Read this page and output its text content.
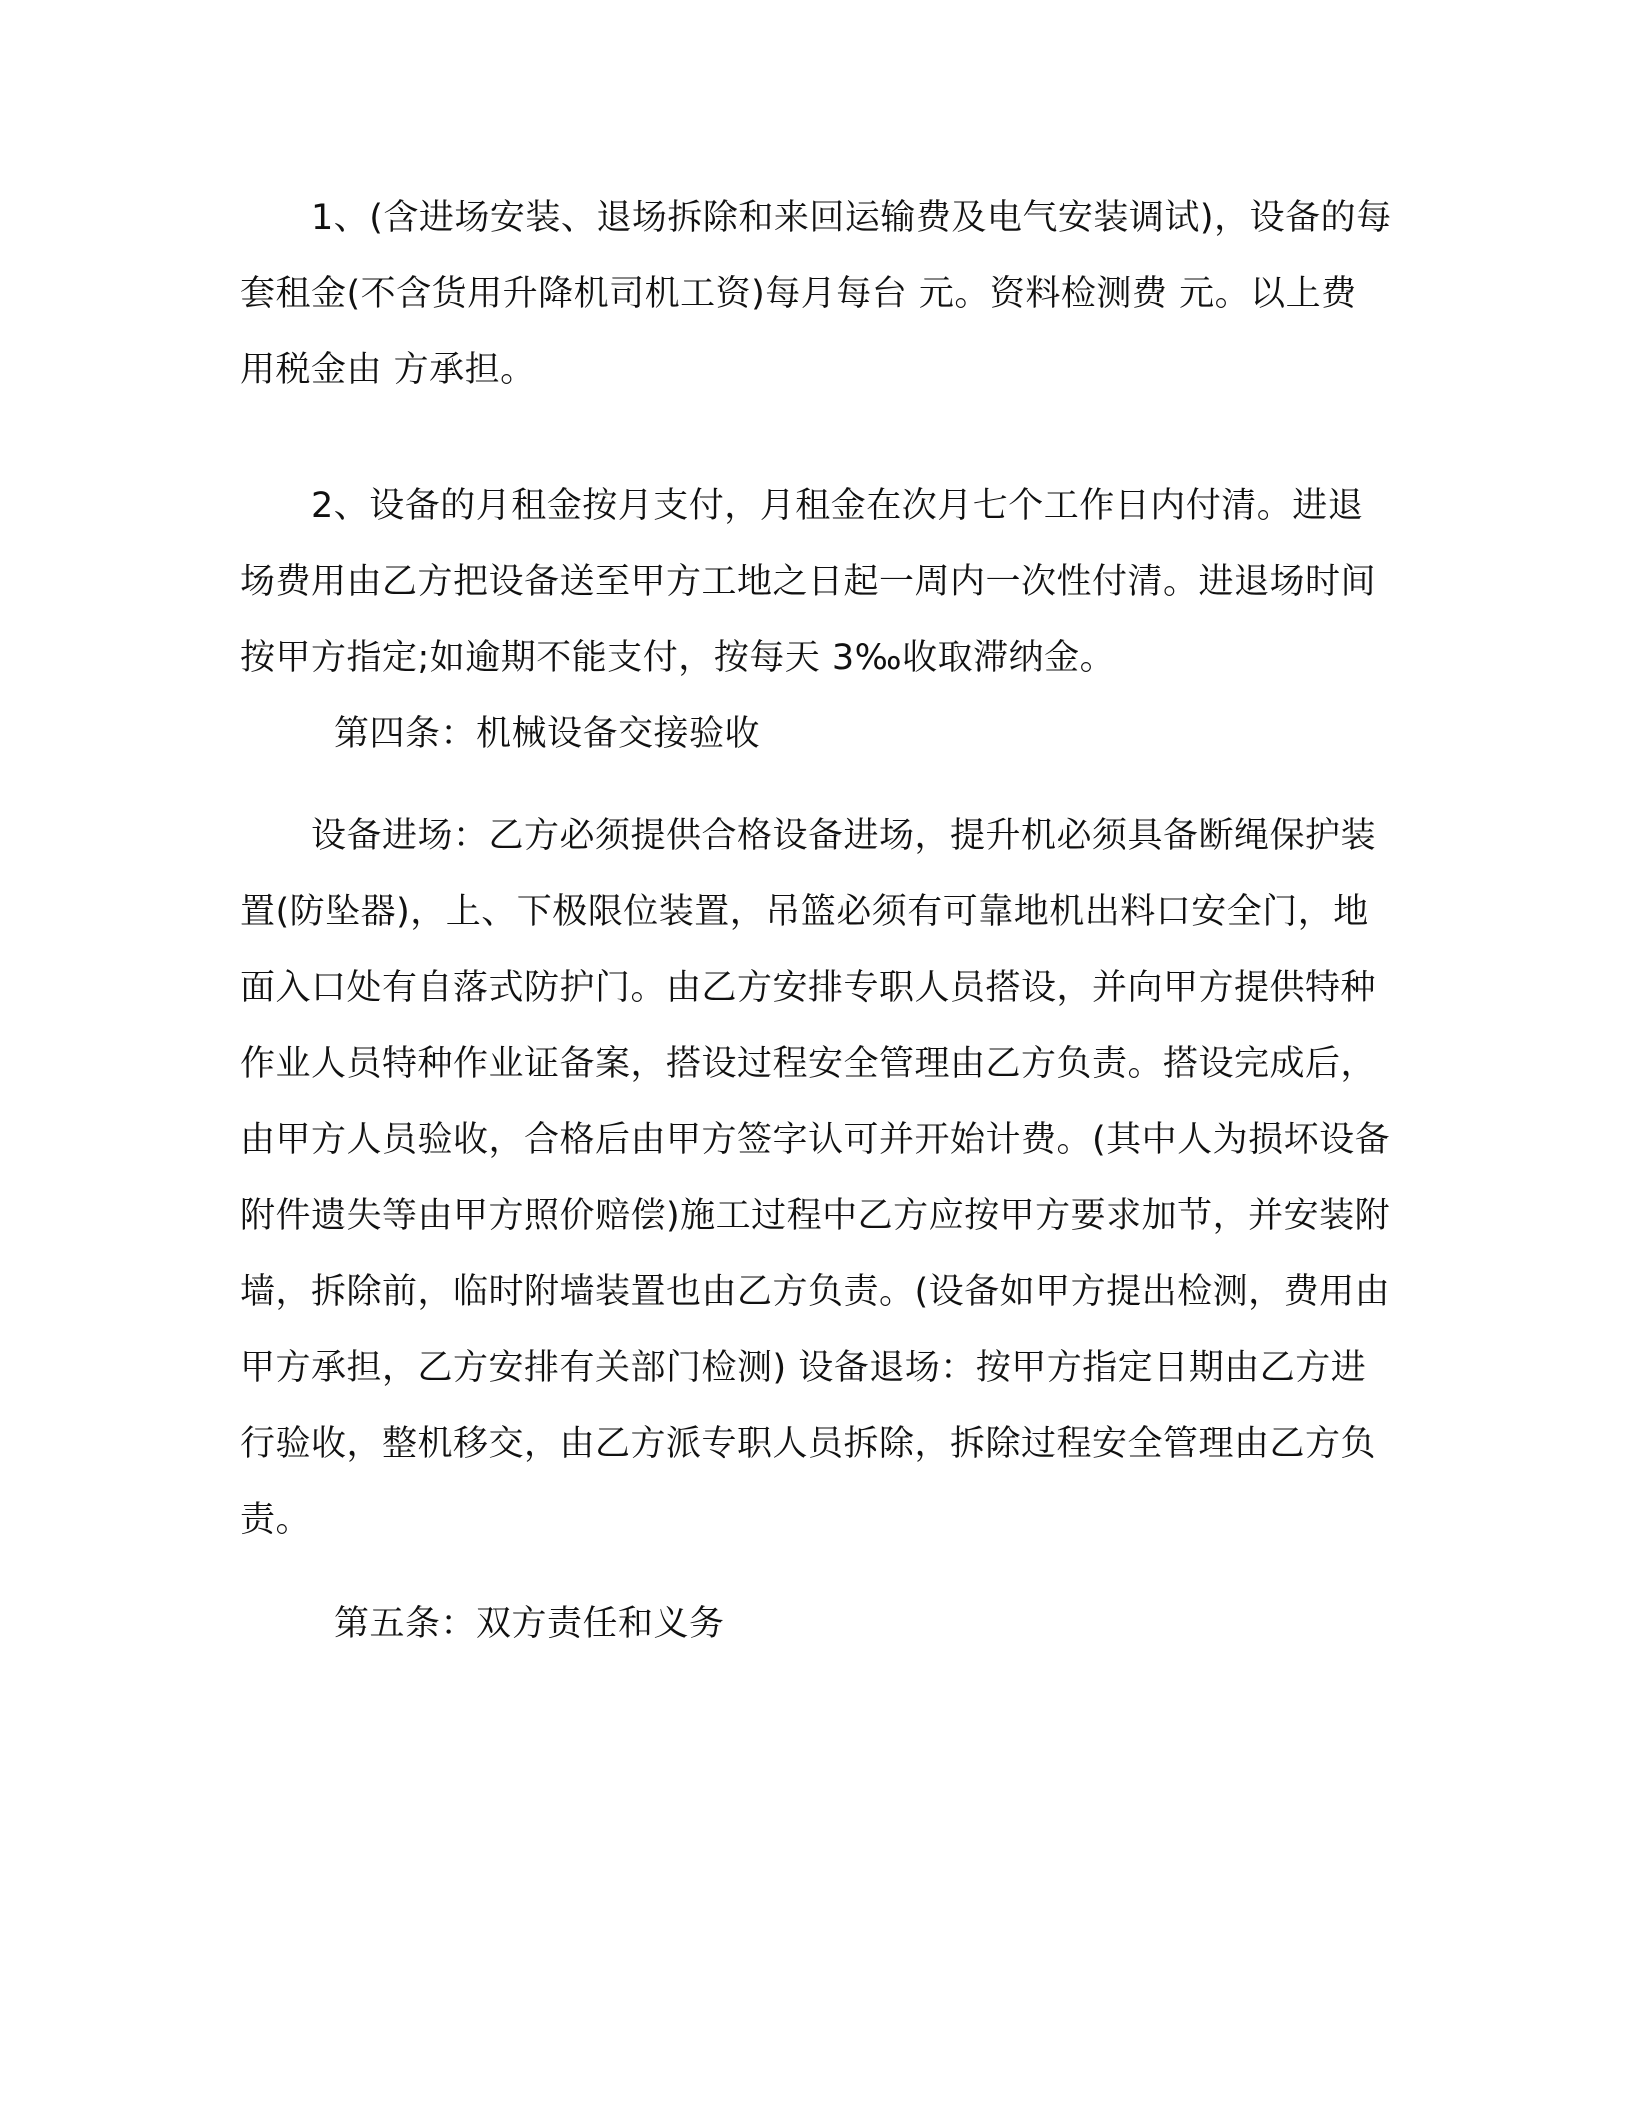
　　1、(含进场安装、退场拆除和来回运输费及电气安装调试)，设备的每套租金(不含货用升降机司机工资)每月每台 元。资料检测费 元。以上费用税金由 方承担。

　　2、设备的月租金按月支付，月租金在次月七个工作日内付清。进退场费用由乙方把设备送至甲方工地之日起一周内一次性付清。进退场时间按甲方指定;如逾期不能支付，按每天 3‰收取滞纳金。

第四条：机械设备交接验收

　　设备进场：乙方必须提供合格设备进场，提升机必须具备断绳保护装置(防坠器)，上、下极限位装置，吊篮必须有可靠地机出料口安全门，地面入口处有自落式防护门。由乙方安排专职人员搭设，并向甲方提供特种作业人员特种作业证备案，搭设过程安全管理由乙方负责。搭设完成后，由甲方人员验收，合格后由甲方签字认可并开始计费。(其中人为损坏设备附件遗失等由甲方照价赔偿)施工过程中乙方应按甲方要求加节，并安装附墙，拆除前，临时附墙装置也由乙方负责。(设备如甲方提出检测，费用由甲方承担，乙方安排有关部门检测) 设备退场：按甲方指定日期由乙方进行验收，整机移交，由乙方派专职人员拆除，拆除过程安全管理由乙方负责。

第五条：双方责任和义务
